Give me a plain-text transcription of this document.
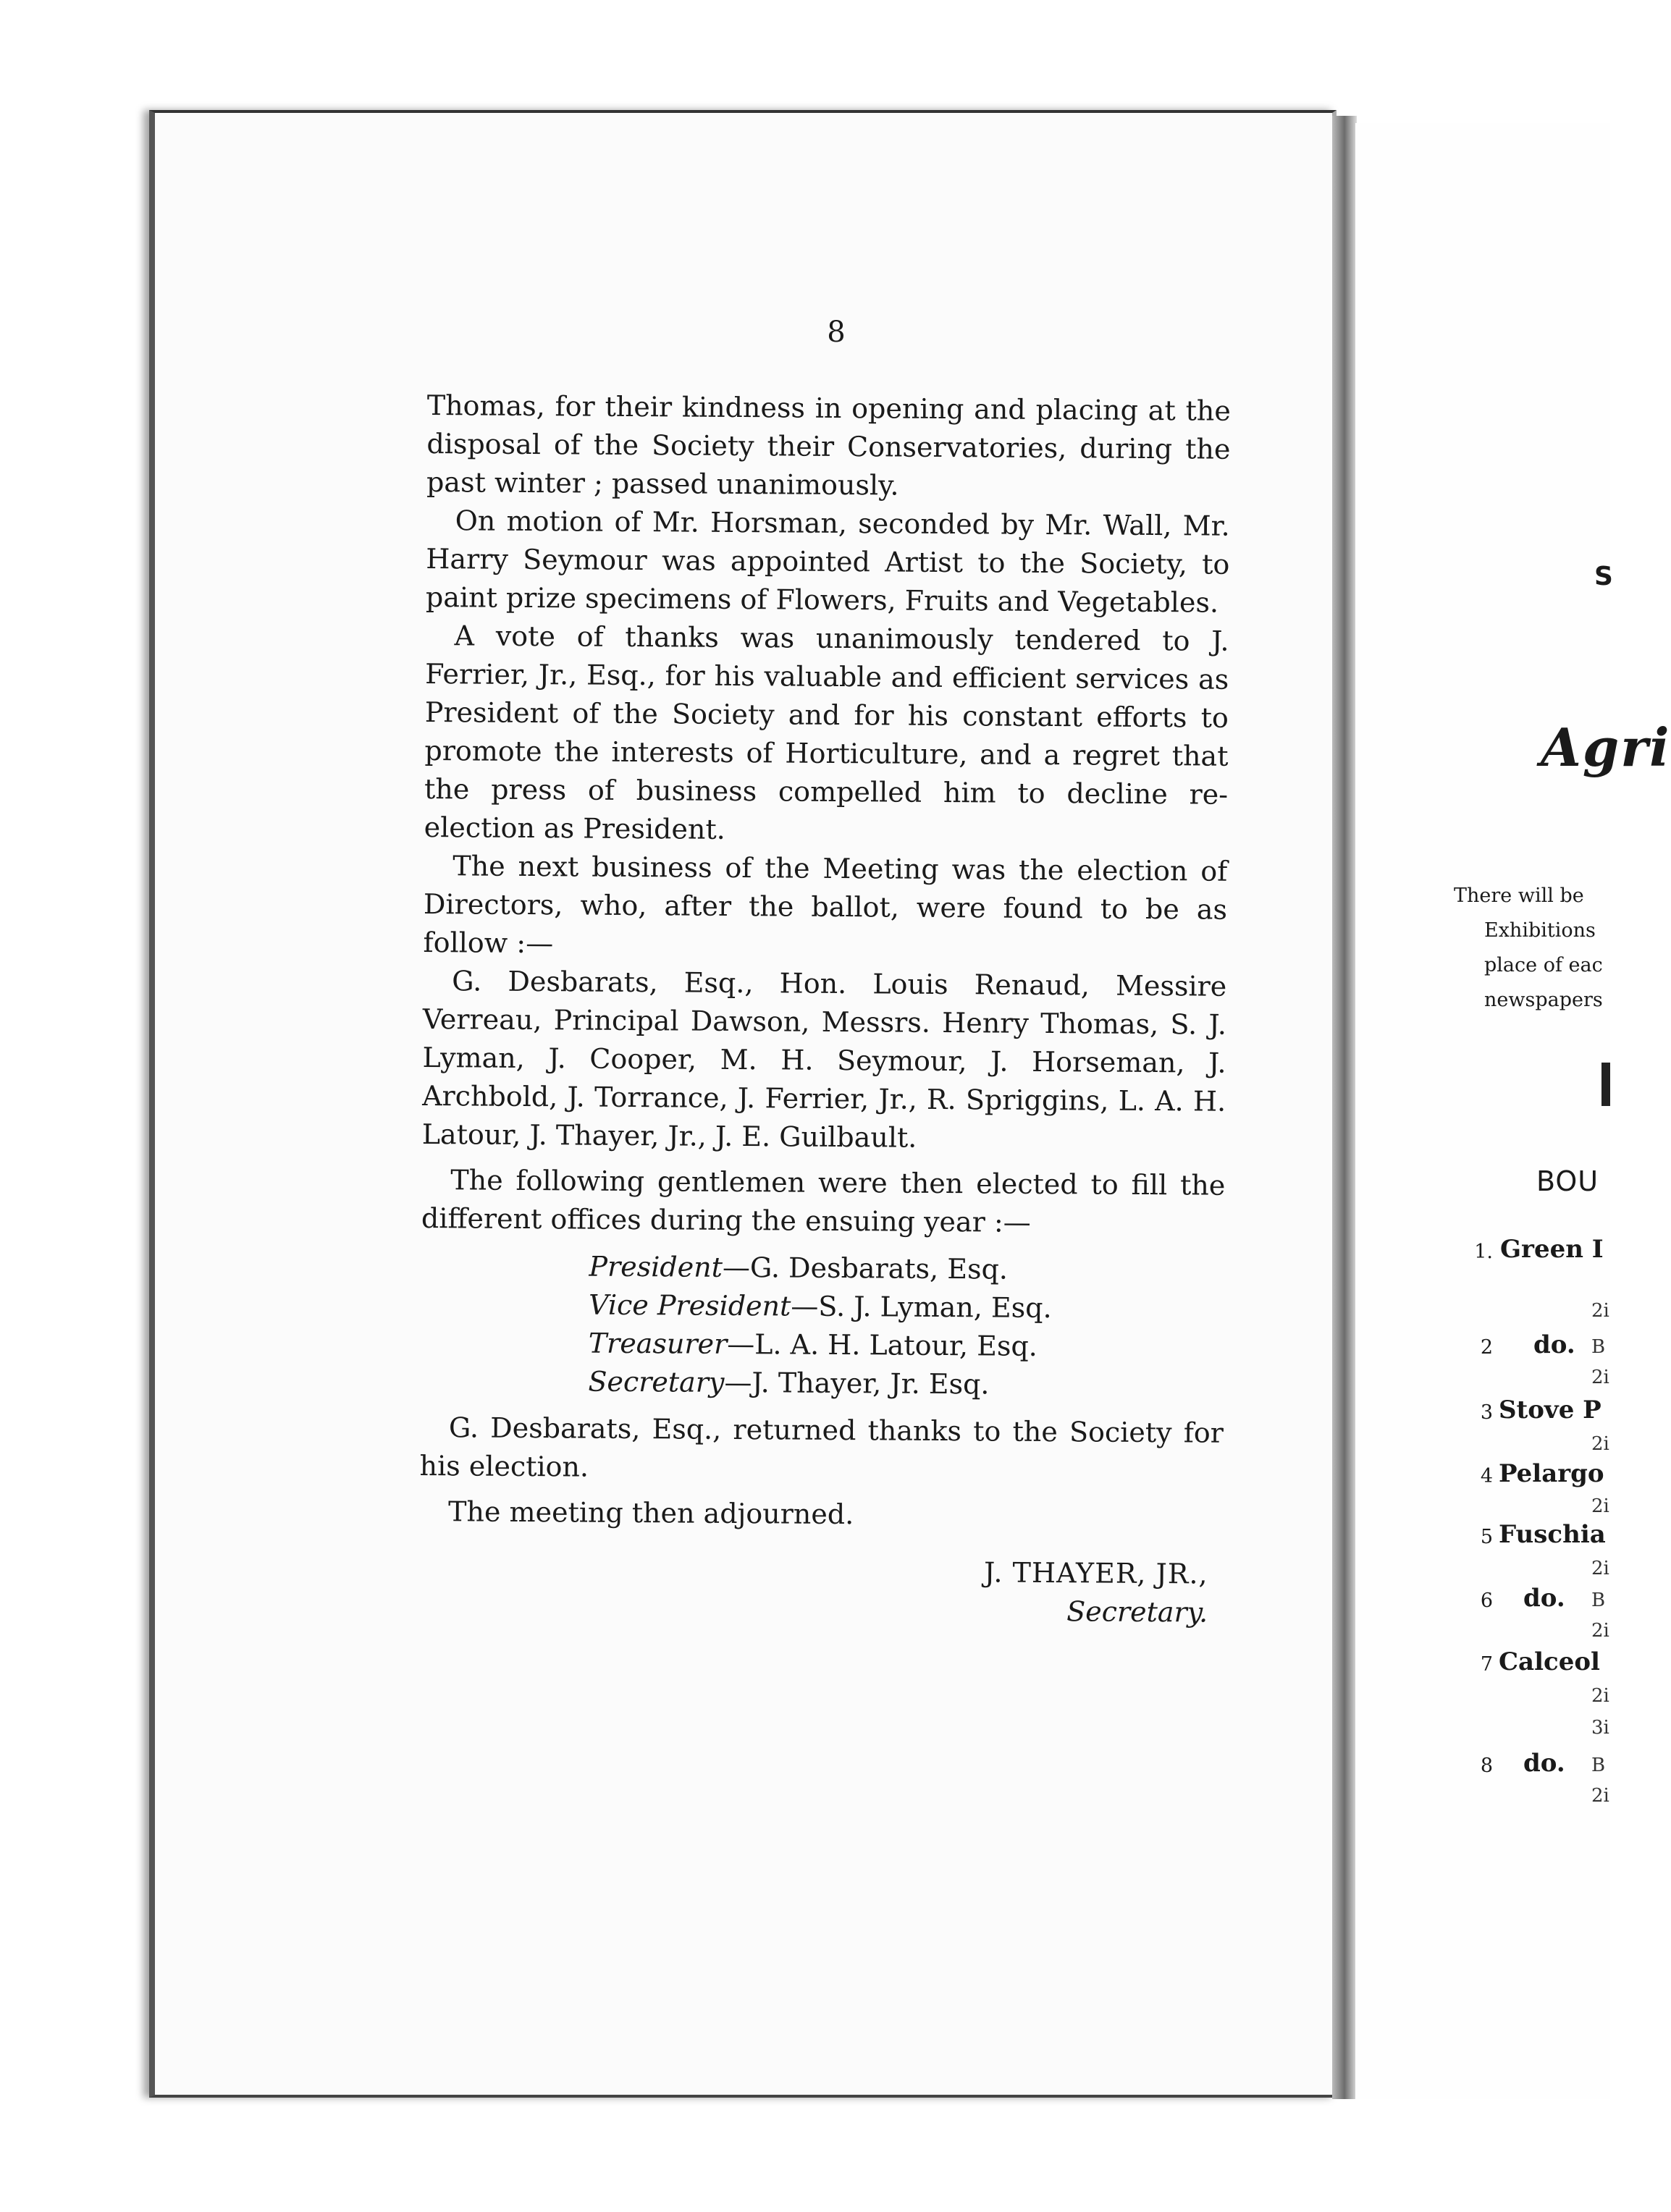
8

Thomas, for their kindness in opening and placing at the disposal of the Society their Conservatories, during the past winter ; passed unanimously.

On motion of Mr. Horsman, seconded by Mr. Wall, Mr. Harry Seymour was appointed Artist to the Society, to paint prize specimens of Flowers, Fruits and Vegetables.

A vote of thanks was unanimously tendered to J. Ferrier, Jr., Esq., for his valuable and efficient services as President of the Society and for his constant efforts to promote the interests of Horticulture, and a regret that the press of business compelled him to decline re-election as President.

The next business of the Meeting was the election of Directors, who, after the ballot, were found to be as follow :—

G. Desbarats, Esq., Hon. Louis Renaud, Messire Verreau, Principal Dawson, Messrs. Henry Thomas, S. J. Lyman, J. Cooper, M. H. Seymour, J. Horseman, J. Archbold, J. Torrance, J. Ferrier, Jr., R. Spriggins, L. A. H. Latour, J. Thayer, Jr., J. E. Guilbault.

The following gentlemen were then elected to fill the different offices during the ensuing year :—

President—G. Desbarats, Esq.
Vice President—S. J. Lyman, Esq.
Treasurer—L. A. H. Latour, Esq.
Secretary—J. Thayer, Jr. Esq.

G. Desbarats, Esq., returned thanks to the Society for his election.

The meeting then adjourned.

J. THAYER, JR.,
Secretary.
S
Agri
There will be
Exhibitions
place of eac
newspapers
BOU
1. Green I
2i
2 do. B
2i
3 Stove P
2i
4 Pelargo
2i
5 Fuschia
2i
6 do. B
2i
7 Calceol
2i
3i
8 do. B
2i
